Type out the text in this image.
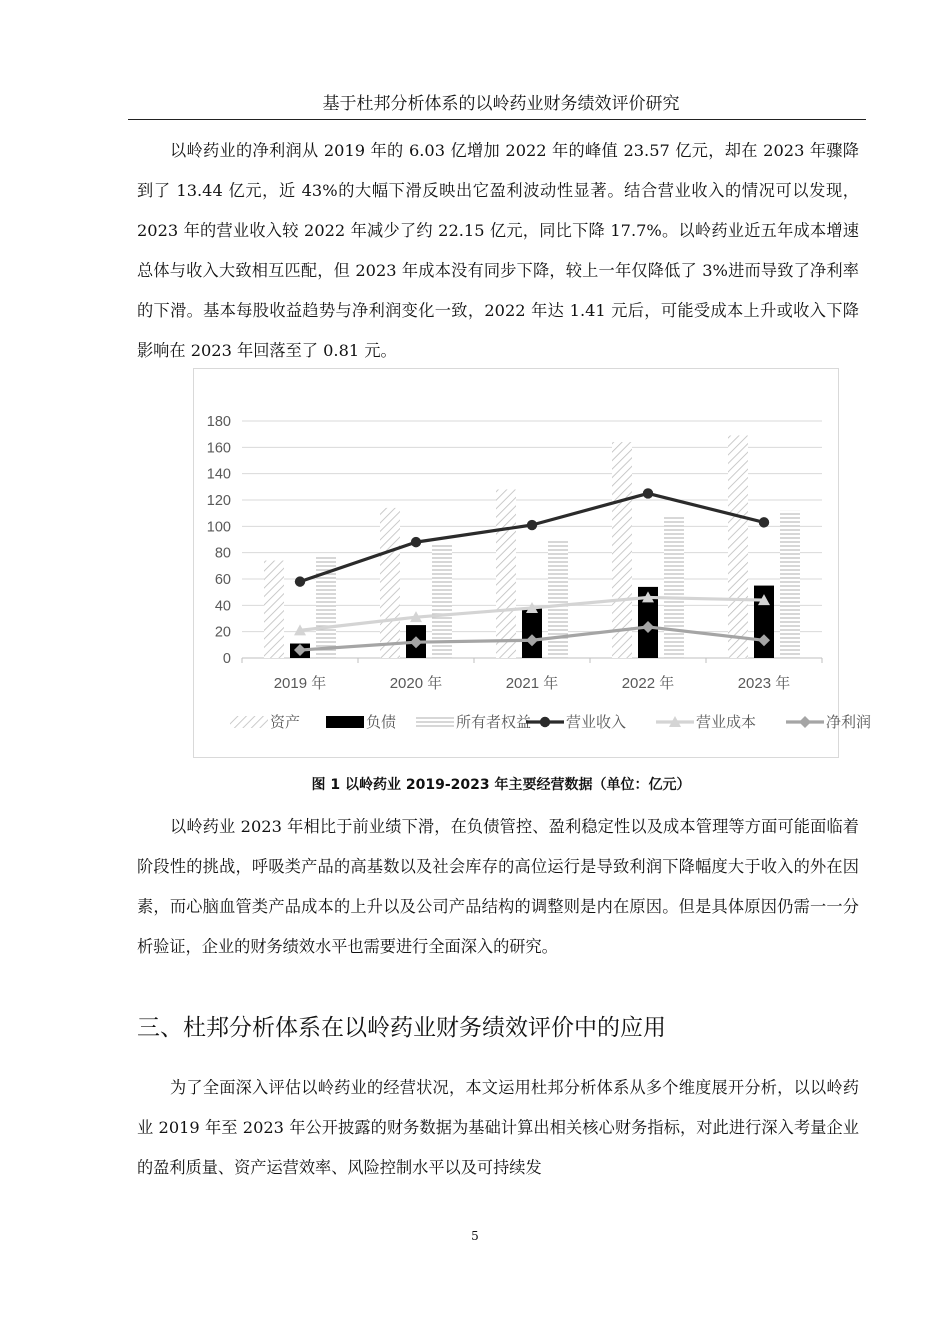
基于杜邦分析体系的以岭药业财务绩效评价研究

以岭药业的净利润从 2019 年的 6.03 亿增加 2022 年的峰值 23.57 亿元，却在 2023 年骤降到了 13.44 亿元，近 43%的大幅下滑反映出它盈利波动性显著。结合营业收入的情况可以发现，2023 年的营业收入较 2022 年减少了约 22.15 亿元，同比下降 17.7%。以岭药业近五年成本增速总体与收入大致相互匹配，但 2023 年成本没有同步下降，较上一年仅降低了 3%进而导致了净利率的下滑。基本每股收益趋势与净利润变化一致，2022 年达 1.41 元后，可能受成本上升或收入下降影响在 2023 年回落至了 0.81 元。

0
20
40
60
80
100
120
140
160
180
2019 年	2020 年	2021 年	2022 年	2023 年
资产	负债	所有者权益 营业收入	营业成本	净利润
图 1 以岭药业 2019-2023 年主要经营数据（单位：亿元）

以岭药业 2023 年相比于前业绩下滑，在负债管控、盈利稳定性以及成本管理等方面可能面临着阶段性的挑战，呼吸类产品的高基数以及社会库存的高位运行是导致利润下降幅度大于收入的外在因素，而心脑血管类产品成本的上升以及公司产品结构的调整则是内在原因。但是具体原因仍需一一分析验证，企业的财务绩效水平也需要进行全面深入的研究。

三、杜邦分析体系在以岭药业财务绩效评价中的应用

为了全面深入评估以岭药业的经营状况，本文运用杜邦分析体系从多个维度展开分析，以以岭药业 2019 年至 2023 年公开披露的财务数据为基础计算出相关核心财务指标，对此进行深入考量企业的盈利质量、资产运营效率、风险控制水平以及可持续发

5
